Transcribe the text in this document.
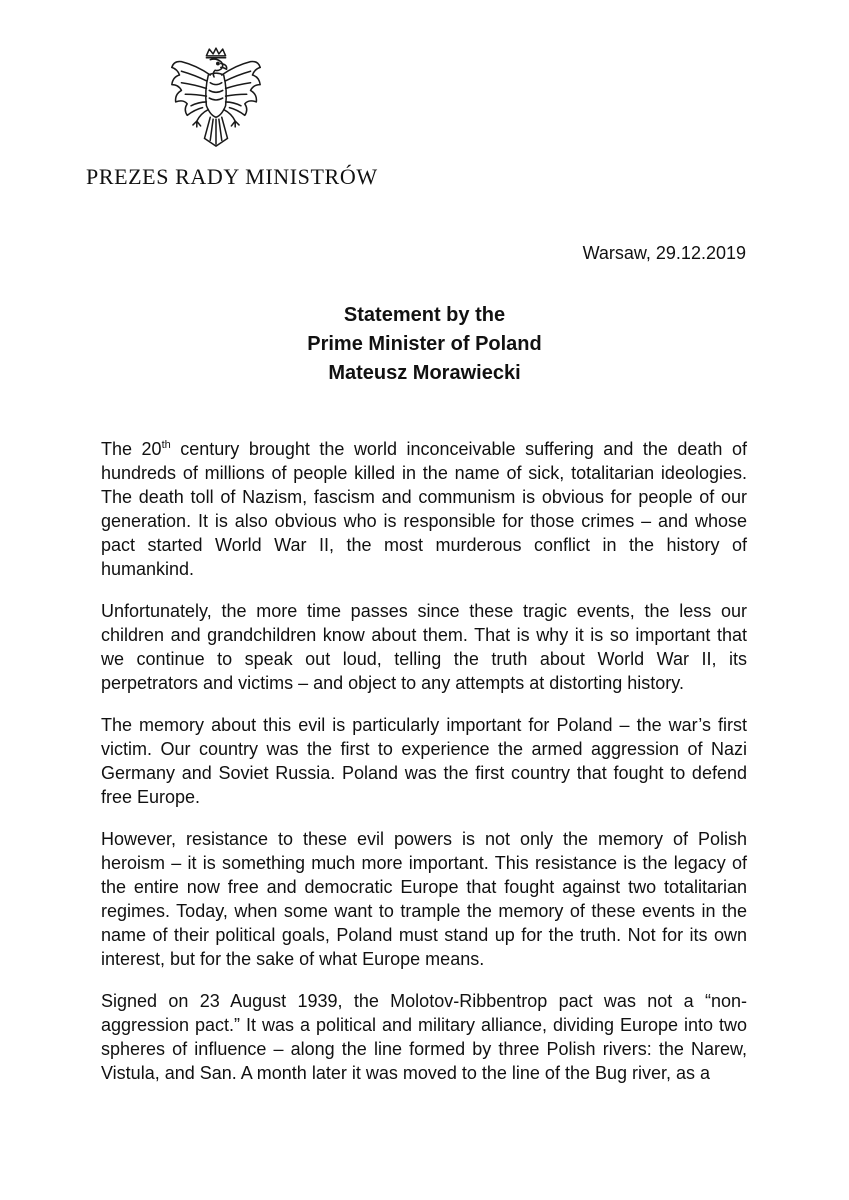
PREZES RADY MINISTRÓW
Warsaw, 29.12.2019
Statement by the
Prime Minister of Poland
Mateusz Morawiecki

The 20th century brought the world inconceivable suffering and the death of hundreds of millions of people killed in the name of sick, totalitarian ideologies. The death toll of Nazism, fascism and communism is obvious for people of our generation. It is also obvious who is responsible for those crimes – and whose pact started World War II, the most murderous conflict in the history of humankind.

Unfortunately, the more time passes since these tragic events, the less our children and grandchildren know about them. That is why it is so important that we continue to speak out loud, telling the truth about World War II, its perpetrators and victims – and object to any attempts at distorting history.

The memory about this evil is particularly important for Poland – the war’s first victim. Our country was the first to experience the armed aggression of Nazi Germany and Soviet Russia. Poland was the first country that fought to defend free Europe.

However, resistance to these evil powers is not only the memory of Polish heroism – it is something much more important. This resistance is the legacy of the entire now free and democratic Europe that fought against two totalitarian regimes. Today, when some want to trample the memory of these events in the name of their political goals, Poland must stand up for the truth. Not for its own interest, but for the sake of what Europe means.

Signed on 23 August 1939, the Molotov-Ribbentrop pact was not a “non-aggression pact.” It was a political and military alliance, dividing Europe into two spheres of influence – along the line formed by three Polish rivers: the Narew, Vistula, and San. A month later it was moved to the line of the Bug river, as a
